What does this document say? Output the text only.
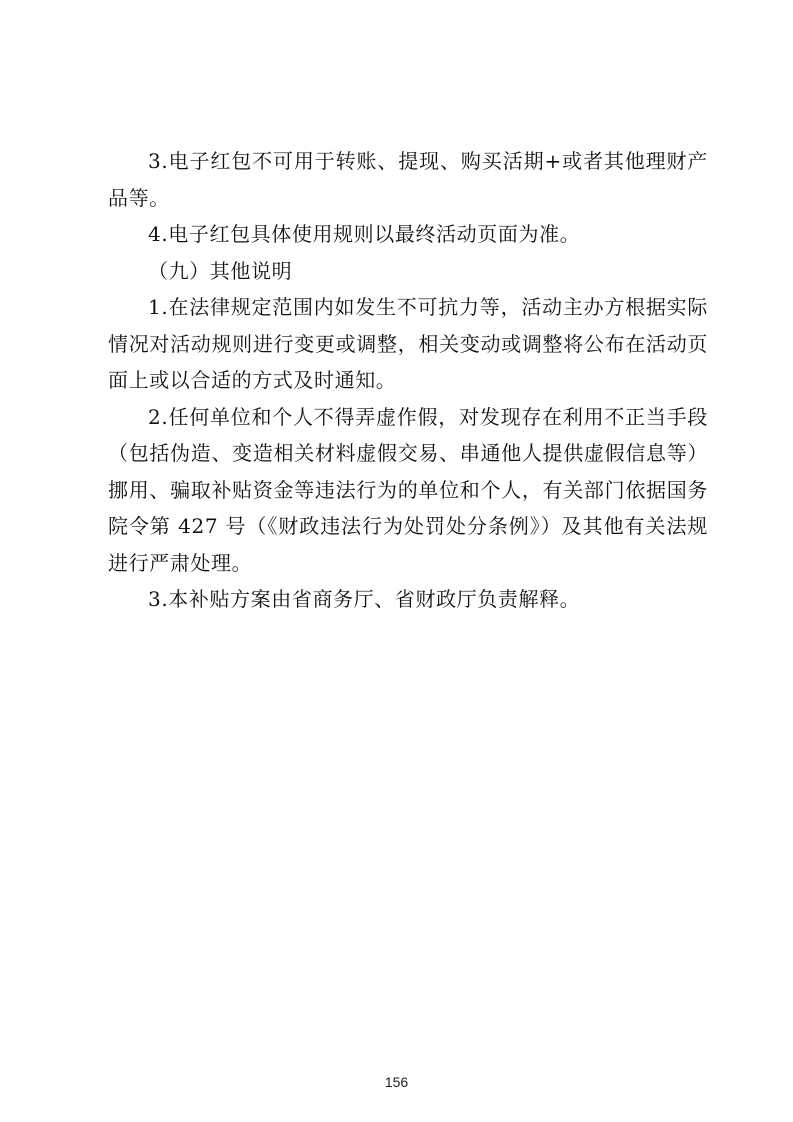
3.电子红包不可用于转账、提现、购买活期+或者其他理财产品等。

4.电子红包具体使用规则以最终活动页面为准。

（九）其他说明

1.在法律规定范围内如发生不可抗力等，活动主办方根据实际情况对活动规则进行变更或调整，相关变动或调整将公布在活动页面上或以合适的方式及时通知。

2.任何单位和个人不得弄虚作假，对发现存在利用不正当手段（包括伪造、变造相关材料虚假交易、串通他人提供虚假信息等）挪用、骗取补贴资金等违法行为的单位和个人，有关部门依据国务院令第 427 号（《财政违法行为处罚处分条例》）及其他有关法规进行严肃处理。

3.本补贴方案由省商务厅、省财政厅负责解释。

156
